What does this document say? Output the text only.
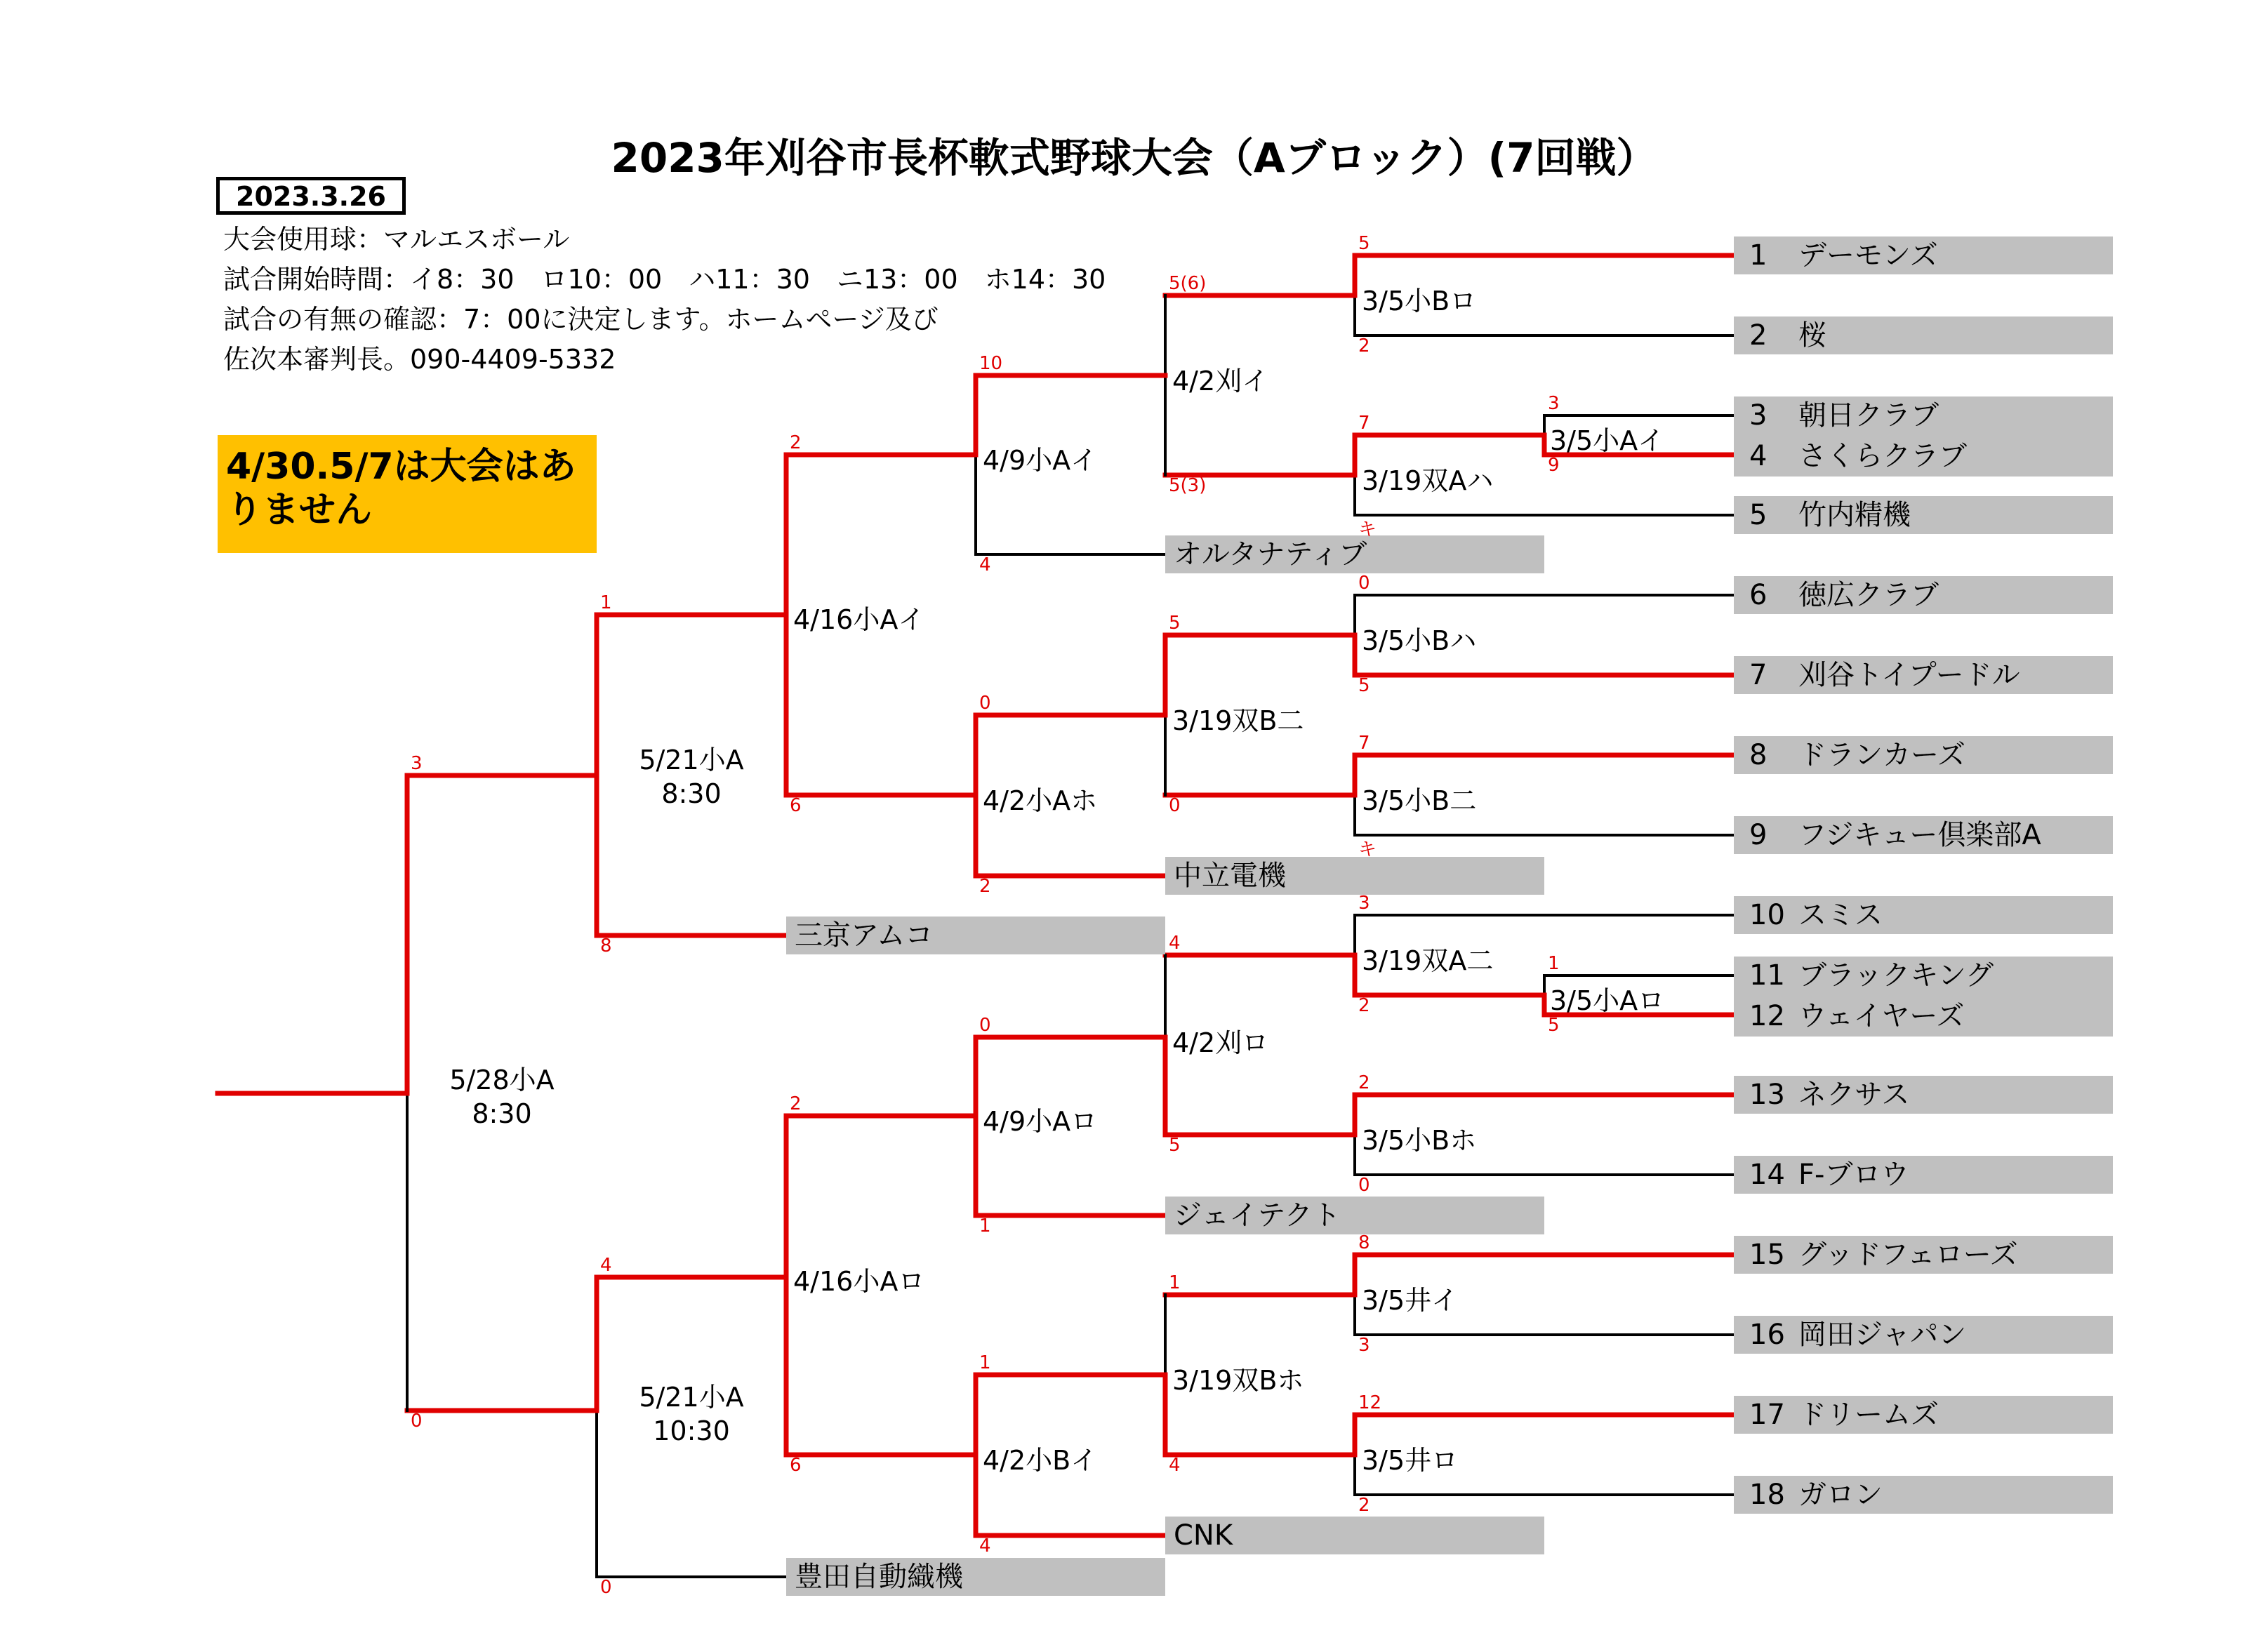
2023年刈谷市長杯軟式野球大会（Aブロック）(7回戦）
2023.3.26
大会使用球：マルエスボール
試合開始時間：イ8：30　ロ10：00　ハ11：30　ニ13：00　ホ14：30
試合の有無の確認：7：00に決定します。ホームページ及び
佐次本審判長。090-4409-5332
4/30.5/7は大会はありません
1 デーモンズ
2 桜

3 朝日クラブ

4 さくらクラブ

5 竹内精機
6 徳広クラブ
7 刈谷トイプードル
8 ドランカーズ
9 フジキュー倶楽部A
10 スミス

11 ブラックキング

12 ウェイヤーズ

13 ネクサス
14 F-ブロウ
15 グッドフェローズ
16 岡田ジャパン
17 ドリームズ
18 ガロン
オルタナティブ
中立電機
三京アムコ
ジェイテクト
CNK
豊田自動織機
3/5小Bロ
3/5小Aイ
3/19双Aハ
3/5小Bハ
3/5小B二
3/19双A二
3/5小Aロ
3/5小Bホ
3/5井イ
3/5井ロ
4/2刈イ
3/19双B二
4/2刈ロ
3/19双Bホ
4/9小Aイ
4/2小Aホ
4/9小Aロ
4/2小Bイ
4/16小Aイ
4/16小Aロ
5/21小A
8:30
5/21小A
10:30
5/28小A
8:30
5
2
3
9
7
キ
0
5
7
キ
3
2
1
5
2
0
8
3
12
2
5(6)
5(3)
5
0
4
5
1
4
10
4
0
2
0
1
1
4
2
6
2
6
1
8
4
0
3
0
